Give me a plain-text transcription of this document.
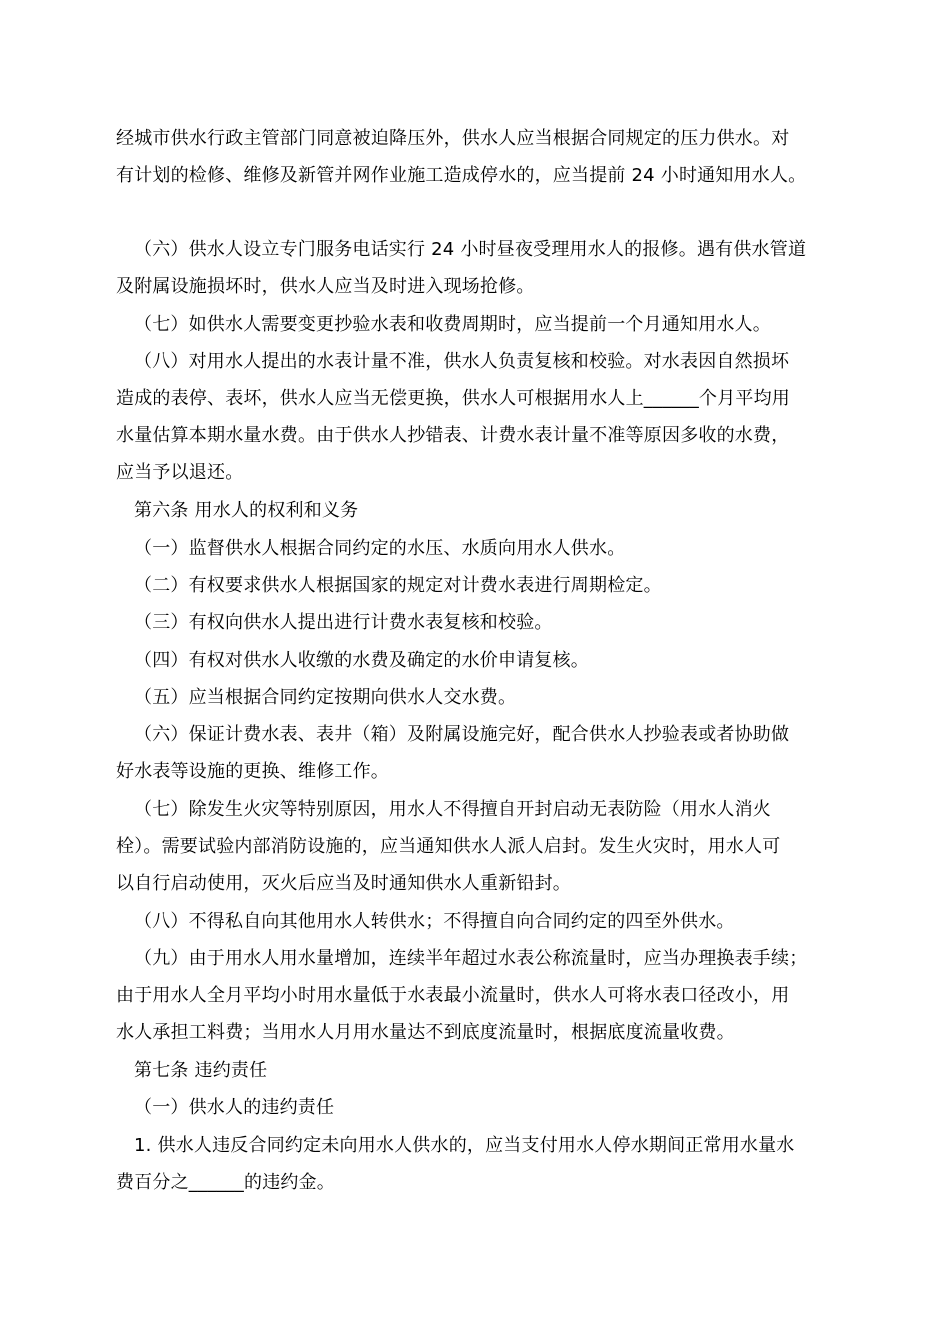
经城市供水行政主管部门同意被迫降压外，供水人应当根据合同规定的压力供水。对
有计划的检修、维修及新管并网作业施工造成停水的，应当提前 24 小时通知用水人。
（六）供水人设立专门服务电话实行 24 小时昼夜受理用水人的报修。遇有供水管道
及附属设施损坏时，供水人应当及时进入现场抢修。
（七）如供水人需要变更抄验水表和收费周期时，应当提前一个月通知用水人。
（八）对用水人提出的水表计量不准，供水人负责复核和校验。对水表因自然损坏
造成的表停、表坏，供水人应当无偿更换，供水人可根据用水人上______个月平均用
水量估算本期水量水费。由于供水人抄错表、计费水表计量不准等原因多收的水费，
应当予以退还。
第六条 用水人的权利和义务
（一）监督供水人根据合同约定的水压、水质向用水人供水。
（二）有权要求供水人根据国家的规定对计费水表进行周期检定。
（三）有权向供水人提出进行计费水表复核和校验。
（四）有权对供水人收缴的水费及确定的水价申请复核。
（五）应当根据合同约定按期向供水人交水费。
（六）保证计费水表、表井（箱）及附属设施完好，配合供水人抄验表或者协助做
好水表等设施的更换、维修工作。
（七）除发生火灾等特别原因，用水人不得擅自开封启动无表防险（用水人消火
栓）。需要试验内部消防设施的，应当通知供水人派人启封。发生火灾时，用水人可
以自行启动使用，灭火后应当及时通知供水人重新铅封。
（八）不得私自向其他用水人转供水；不得擅自向合同约定的四至外供水。
（九）由于用水人用水量增加，连续半年超过水表公称流量时，应当办理换表手续；
由于用水人全月平均小时用水量低于水表最小流量时，供水人可将水表口径改小，用
水人承担工料费；当用水人月用水量达不到底度流量时，根据底度流量收费。
第七条 违约责任
（一）供水人的违约责任
1. 供水人违反合同约定未向用水人供水的，应当支付用水人停水期间正常用水量水
费百分之______的违约金。
